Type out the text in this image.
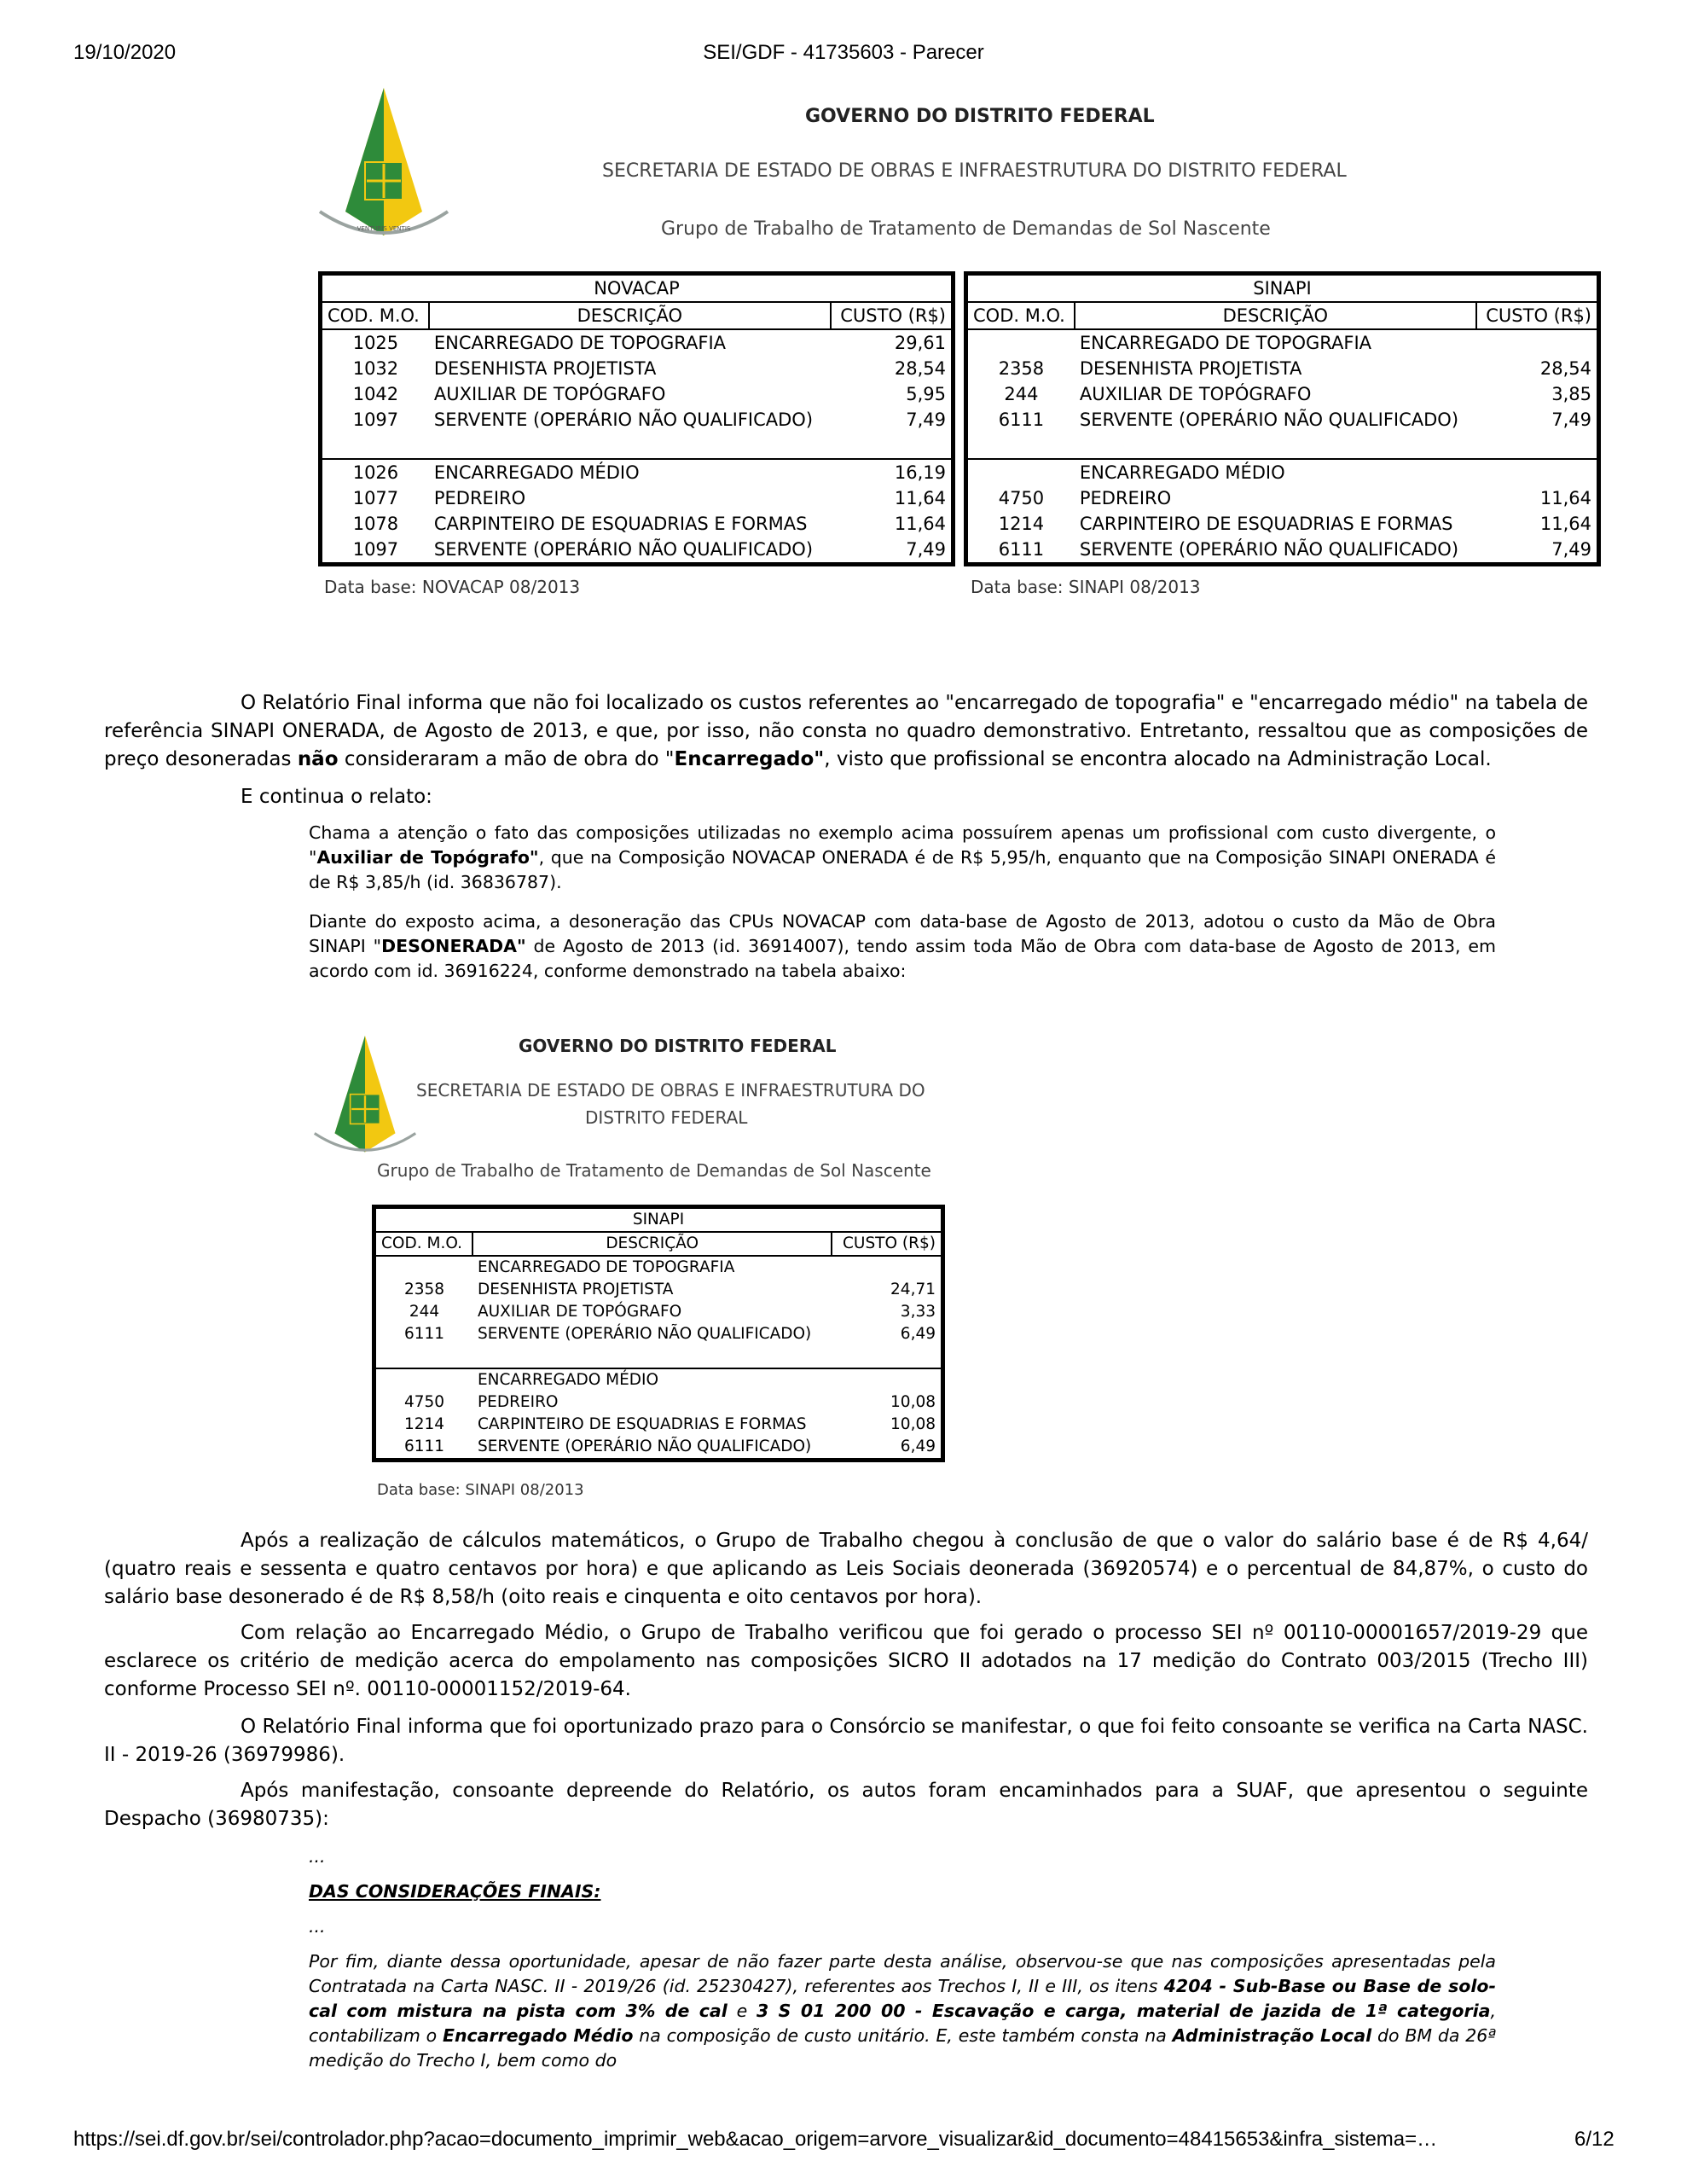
19/10/2020	SEI/GDF - 41735603 - Parecer
VENTURIS VENTIS
GOVERNO DO DISTRITO FEDERAL
SECRETARIA DE ESTADO DE OBRAS E INFRAESTRUTURA DO DISTRITO FEDERAL
Grupo de Trabalho de Tratamento de Demandas de Sol Nascente
NOVACAP		
COD. M.O.	DESCRIÇÃO	CUSTO (R$)
1025	ENCARREGADO DE TOPOGRAFIA	29,61
1032	DESENHISTA PROJETISTA	28,54
1042	AUXILIAR DE TOPÓGRAFO	5,95
1097	SERVENTE (OPERÁRIO NÃO QUALIFICADO)	7,49

1026	ENCARREGADO MÉDIO	16,19
1077	PEDREIRO	11,64
1078	CARPINTEIRO DE ESQUADRIAS E FORMAS	11,64
1097	SERVENTE (OPERÁRIO NÃO QUALIFICADO)	7,49
SINAPI		
COD. M.O.	DESCRIÇÃO	CUSTO (R$)
	ENCARREGADO DE TOPOGRAFIA	
2358	DESENHISTA PROJETISTA	28,54
244	AUXILIAR DE TOPÓGRAFO	3,85
6111	SERVENTE (OPERÁRIO NÃO QUALIFICADO)	7,49

	ENCARREGADO MÉDIO	
4750	PEDREIRO	11,64
1214	CARPINTEIRO DE ESQUADRIAS E FORMAS	11,64
6111	SERVENTE (OPERÁRIO NÃO QUALIFICADO)	7,49
Data base: NOVACAP 08/2013	Data base: SINAPI 08/2013
O Relatório Final informa que não foi localizado os custos referentes ao "encarregado de topografia" e "encarregado médio" na tabela de referência SINAPI ONERADA, de Agosto de 2013, e que, por isso, não consta no quadro demonstrativo. Entretanto, ressaltou que as composições de preço desoneradas não consideraram a mão de obra do "Encarregado", visto que profissional se encontra alocado na Administração Local.
E continua o relato:
Chama a atenção o fato das composições utilizadas no exemplo acima possuírem apenas um profissional com custo divergente, o "Auxiliar de Topógrafo", que na Composição NOVACAP ONERADA é de R$ 5,95/h, enquanto que na Composição SINAPI ONERADA é de R$ 3,85/h (id. 36836787).
Diante do exposto acima, a desoneração das CPUs NOVACAP com data-base de Agosto de 2013, adotou o custo da Mão de Obra SINAPI "DESONERADA" de Agosto de 2013 (id. 36914007), tendo assim toda Mão de Obra com data-base de Agosto de 2013, em acordo com id. 36916224, conforme demonstrado na tabela abaixo:
GOVERNO DO DISTRITO FEDERAL
SECRETARIA DE ESTADO DE OBRAS E INFRAESTRUTURA DO
DISTRITO FEDERAL
Grupo de Trabalho de Tratamento de Demandas de Sol Nascente
SINAPI		
COD. M.O.	DESCRIÇÃO	CUSTO (R$)
	ENCARREGADO DE TOPOGRAFIA	
2358	DESENHISTA PROJETISTA	24,71
244	AUXILIAR DE TOPÓGRAFO	3,33
6111	SERVENTE (OPERÁRIO NÃO QUALIFICADO)	6,49

	ENCARREGADO MÉDIO	
4750	PEDREIRO	10,08
1214	CARPINTEIRO DE ESQUADRIAS E FORMAS	10,08
6111	SERVENTE (OPERÁRIO NÃO QUALIFICADO)	6,49
Data base: SINAPI 08/2013
Após a realização de cálculos matemáticos, o Grupo de Trabalho chegou à conclusão de que o valor do salário base é de R$ 4,64/ (quatro reais e sessenta e quatro centavos por hora) e que aplicando as Leis Sociais deonerada (36920574) e o percentual de 84,87%, o custo do salário base desonerado é de R$ 8,58/h (oito reais e cinquenta e oito centavos por hora).
Com relação ao Encarregado Médio, o Grupo de Trabalho verificou que foi gerado o processo SEI nº 00110-00001657/2019-29 que esclarece os critério de medição acerca do empolamento nas composições SICRO II adotados na 17 medição do Contrato 003/2015 (Trecho III) conforme Processo SEI nº. 00110-00001152/2019-64.
O Relatório Final informa que foi oportunizado prazo para o Consórcio se manifestar, o que foi feito consoante se verifica na Carta NASC. II - 2019-26 (36979986).
Após manifestação, consoante depreende do Relatório, os autos foram encaminhados para a SUAF, que apresentou o seguinte Despacho (36980735):
...
DAS CONSIDERAÇÕES FINAIS:
...
Por fim, diante dessa oportunidade, apesar de não fazer parte desta análise, observou-se que nas composições apresentadas pela Contratada na Carta NASC. II - 2019/26 (id. 25230427), referentes aos Trechos I, II e III, os itens 4204 - Sub-Base ou Base de solo-cal com mistura na pista com 3% de cal e 3 S 01 200 00 - Escavação e carga, material de jazida de 1ª categoria, contabilizam o Encarregado Médio na composição de custo unitário. E, este também consta na Administração Local do BM da 26ª medição do Trecho I, bem como do
https://sei.df.gov.br/sei/controlador.php?acao=documento_imprimir_web&acao_origem=arvore_visualizar&id_documento=48415653&infra_sistema=…	6/12
